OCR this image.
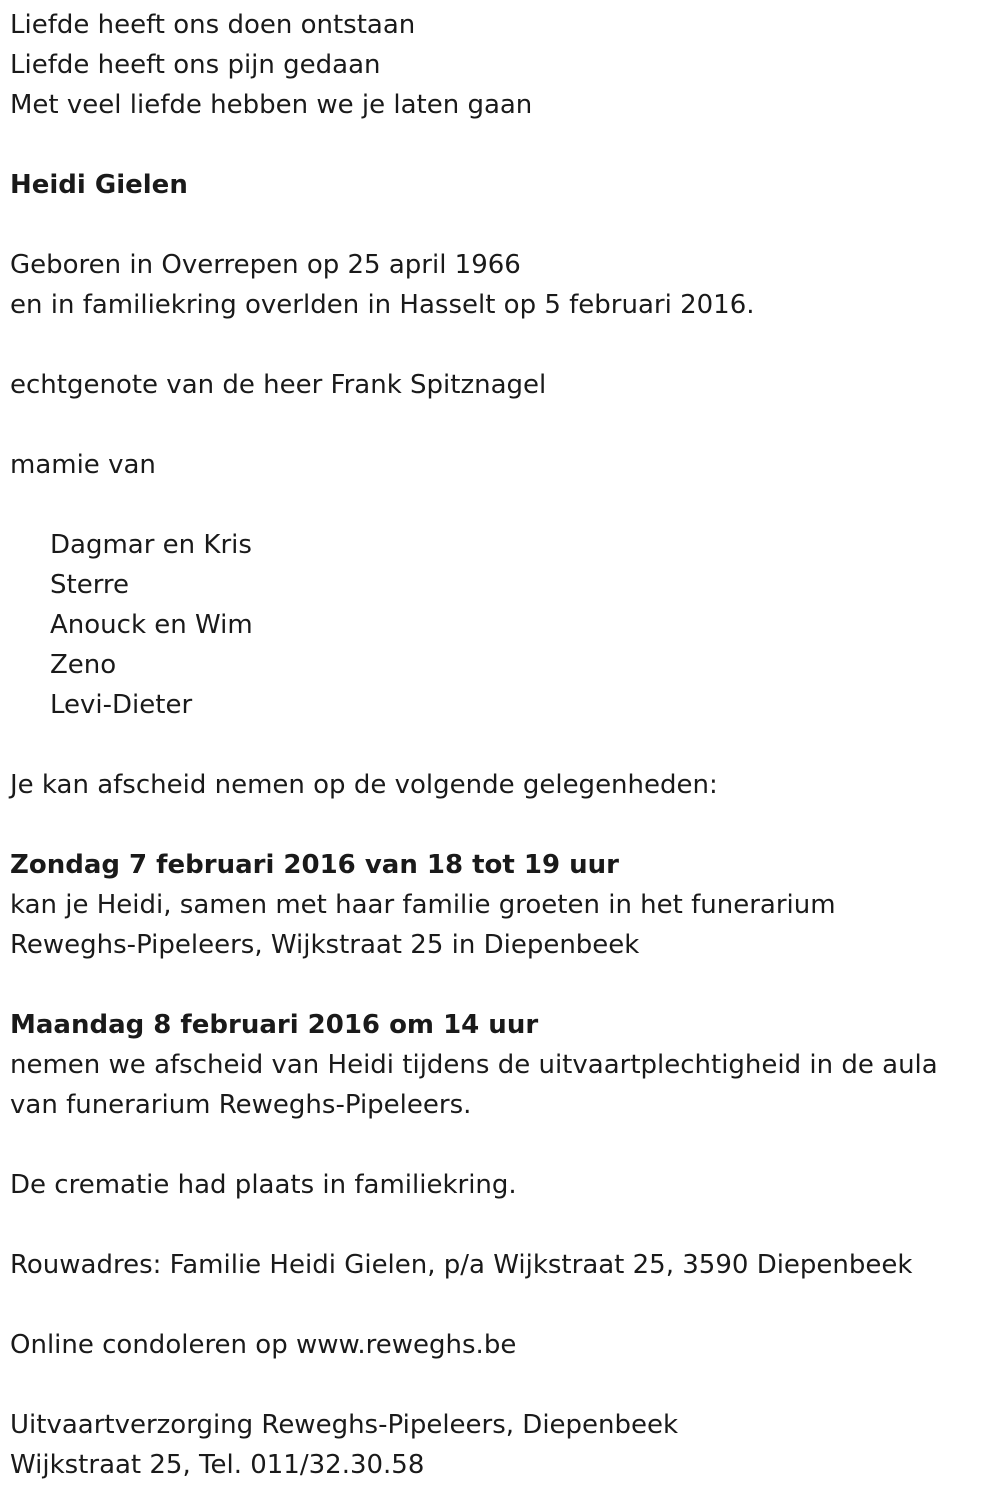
Liefde heeft ons doen ontstaan
Liefde heeft ons pijn gedaan
Met veel liefde hebben we je laten gaan
Heidi Gielen
Geboren in Overrepen op 25 april 1966
en in familiekring overlden in Hasselt op 5 februari 2016.
echtgenote van de heer Frank Spitznagel
mamie van
Dagmar en Kris
Sterre
Anouck en Wim
Zeno
Levi-Dieter
Je kan afscheid nemen op de volgende gelegenheden:
Zondag 7 februari 2016 van 18 tot 19 uur
kan je Heidi, samen met haar familie groeten in het funerarium
Reweghs-Pipeleers, Wijkstraat 25 in Diepenbeek
Maandag 8 februari 2016 om 14 uur
nemen we afscheid van Heidi tijdens de uitvaartplechtigheid in de aula
van funerarium Reweghs-Pipeleers.
De crematie had plaats in familiekring.
Rouwadres: Familie Heidi Gielen, p/a Wijkstraat 25, 3590 Diepenbeek
Online condoleren op www.reweghs.be
Uitvaartverzorging Reweghs-Pipeleers, Diepenbeek
Wijkstraat 25, Tel. 011/32.30.58
